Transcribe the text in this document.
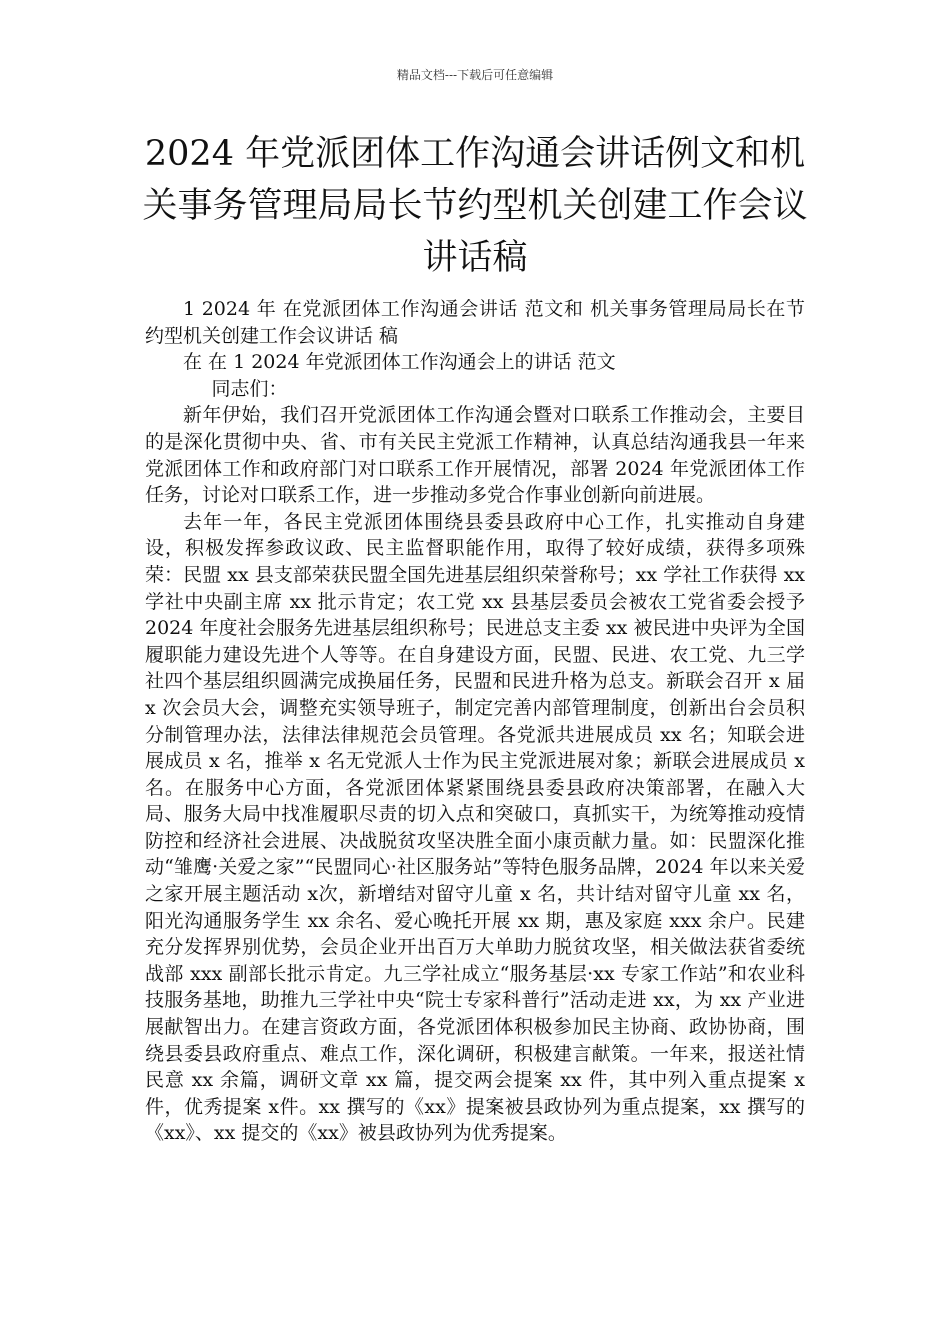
精品文档---下载后可任意编辑
2024 年党派团体工作沟通会讲话例文和机关事务管理局局长节约型机关创建工作会议讲话稿

1 2024 年 在党派团体工作沟通会讲话 范文和 机关事务管理局局长在节约型机关创建工作会议讲话 稿

在 在 1 2024 年党派团体工作沟通会上的讲话 范文

同志们：

新年伊始，我们召开党派团体工作沟通会暨对口联系工作推动会，主要目的是深化贯彻中央、省、市有关民主党派工作精神，认真总结沟通我县一年来党派团体工作和政府部门对口联系工作开展情况，部署 2024 年党派团体工作任务，讨论对口联系工作，进一步推动多党合作事业创新向前进展。

去年一年，各民主党派团体围绕县委县政府中心工作，扎实推动自身建设，积极发挥参政议政、民主监督职能作用，取得了较好成绩，获得多项殊荣：民盟 xx 县支部荣获民盟全国先进基层组织荣誉称号；xx 学社工作获得 xx 学社中央副主席 xx 批示肯定；农工党 xx 县基层委员会被农工党省委会授予 2024 年度社会服务先进基层组织称号；民进总支主委 xx 被民进中央评为全国履职能力建设先进个人等等。在自身建设方面，民盟、民进、农工党、九三学社四个基层组织圆满完成换届任务，民盟和民进升格为总支。新联会召开 x 届 x 次会员大会，调整充实领导班子，制定完善内部管理制度，创新出台会员积分制管理办法，法律法律规范会员管理。各党派共进展成员 xx 名；知联会进展成员 x 名，推举 x 名无党派人士作为民主党派进展对象；新联会进展成员 x 名。在服务中心方面，各党派团体紧紧围绕县委县政府决策部署，在融入大局、服务大局中找准履职尽责的切入点和突破口，真抓实干，为统筹推动疫情防控和经济社会进展、决战脱贫攻坚决胜全面小康贡献力量。如：民盟深化推动“雏鹰·关爱之家”“民盟同心·社区服务站”等特色服务品牌，2024 年以来关爱之家开展主题活动 x次，新增结对留守儿童 x 名，共计结对留守儿童 xx 名，阳光沟通服务学生 xx 余名、爱心晚托开展 xx 期，惠及家庭 xxx 余户。民建充分发挥界别优势，会员企业开出百万大单助力脱贫攻坚，相关做法获省委统战部 xxx 副部长批示肯定。九三学社成立“服务基层·xx 专家工作站”和农业科技服务基地，助推九三学社中央“院士专家科普行”活动走进 xx，为 xx 产业进展献智出力。在建言资政方面，各党派团体积极参加民主协商、政协协商，围绕县委县政府重点、难点工作，深化调研，积极建言献策。一年来，报送社情民意 xx 余篇，调研文章 xx 篇，提交两会提案 xx 件，其中列入重点提案 x 件，优秀提案 x件。xx 撰写的《xx》提案被县政协列为重点提案，xx 撰写的《xx》、xx 提交的《xx》被县政协列为优秀提案。
